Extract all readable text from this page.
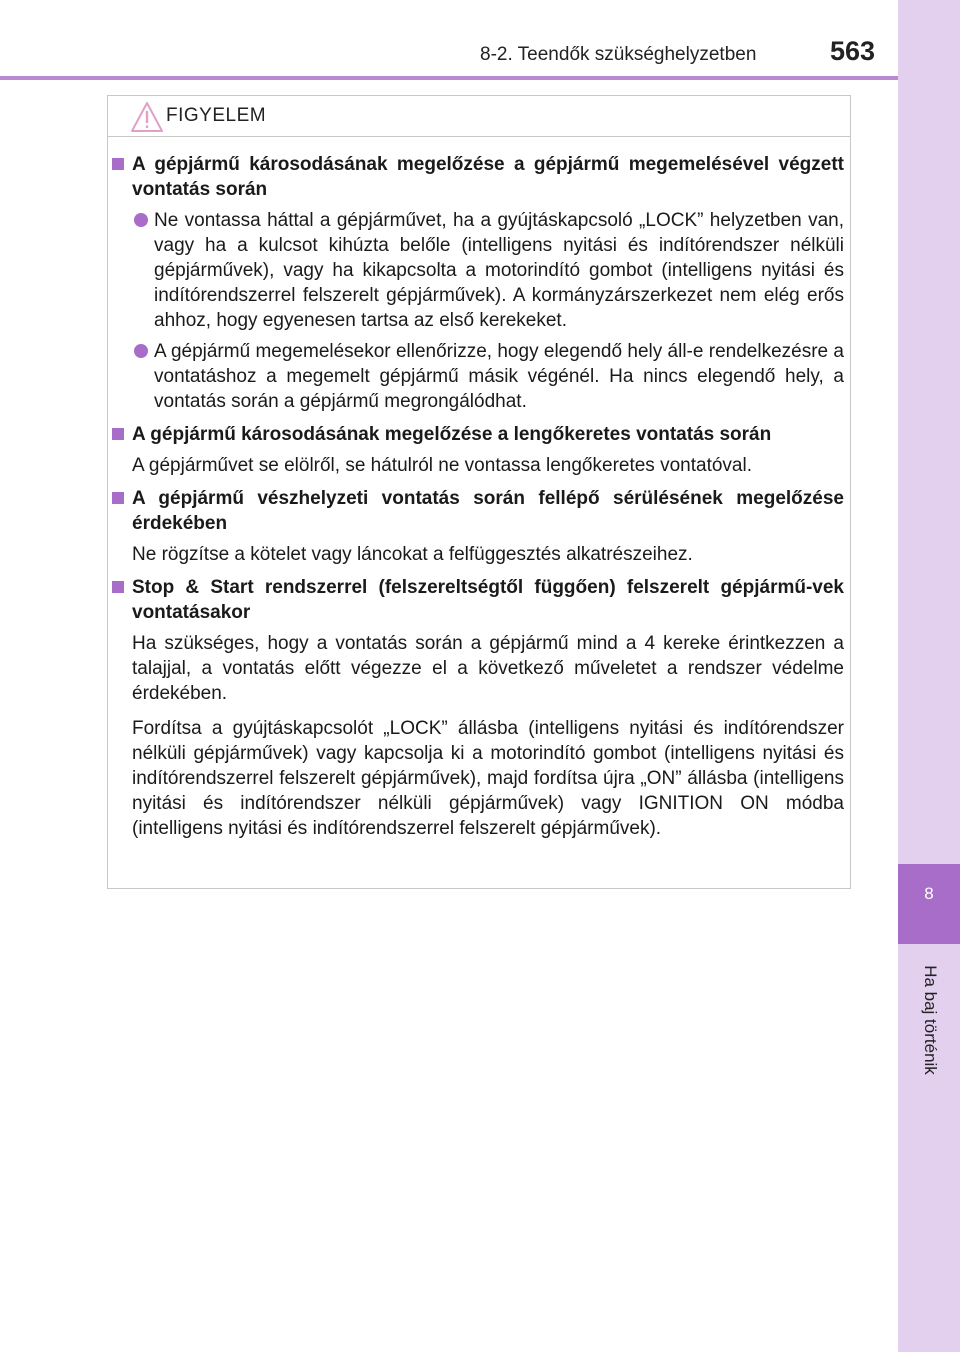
8-2. Teendők szükséghelyzetben	563
8
Ha baj történik
FIGYELEM
A gépjármű károsodásának megelőzése a gépjármű megemelésével végzett vontatás során
Ne vontassa háttal a gépjárművet, ha a gyújtáskapcsoló „LOCK” helyzetben van, vagy ha a kulcsot kihúzta belőle (intelligens nyitási és indítórendszer nélküli gépjárművek), vagy ha kikapcsolta a motorindító gombot (intelligens nyitási és indítórendszerrel felszerelt gépjárművek). A kormányzárszerkezet nem elég erős ahhoz, hogy egyenesen tartsa az első kerekeket.
A gépjármű megemelésekor ellenőrizze, hogy elegendő hely áll-e rendelkezésre a vontatáshoz a megemelt gépjármű másik végénél. Ha nincs elegendő hely, a vontatás során a gépjármű megrongálódhat.
A gépjármű károsodásának megelőzése a lengőkeretes vontatás során
A gépjárművet se elölről, se hátulról ne vontassa lengőkeretes vontatóval.
A gépjármű vészhelyzeti vontatás során fellépő sérülésének megelőzése érdekében
Ne rögzítse a kötelet vagy láncokat a felfüggesztés alkatrészeihez.
Stop & Start rendszerrel (felszereltségtől függően) felszerelt gépjármű-vek vontatásakor
Ha szükséges, hogy a vontatás során a gépjármű mind a 4 kereke érintkezzen a talajjal, a vontatás előtt végezze el a következő műveletet a rendszer védelme érdekében.
Fordítsa a gyújtáskapcsolót „LOCK” állásba (intelligens nyitási és indítórendszer nélküli gépjárművek) vagy kapcsolja ki a motorindító gombot (intelligens nyitási és indítórendszerrel felszerelt gépjárművek), majd fordítsa újra „ON” állásba (intelligens nyitási és indítórendszer nélküli gépjárművek) vagy IGNITION ON módba (intelligens nyitási és indítórendszerrel felszerelt gépjárművek).
